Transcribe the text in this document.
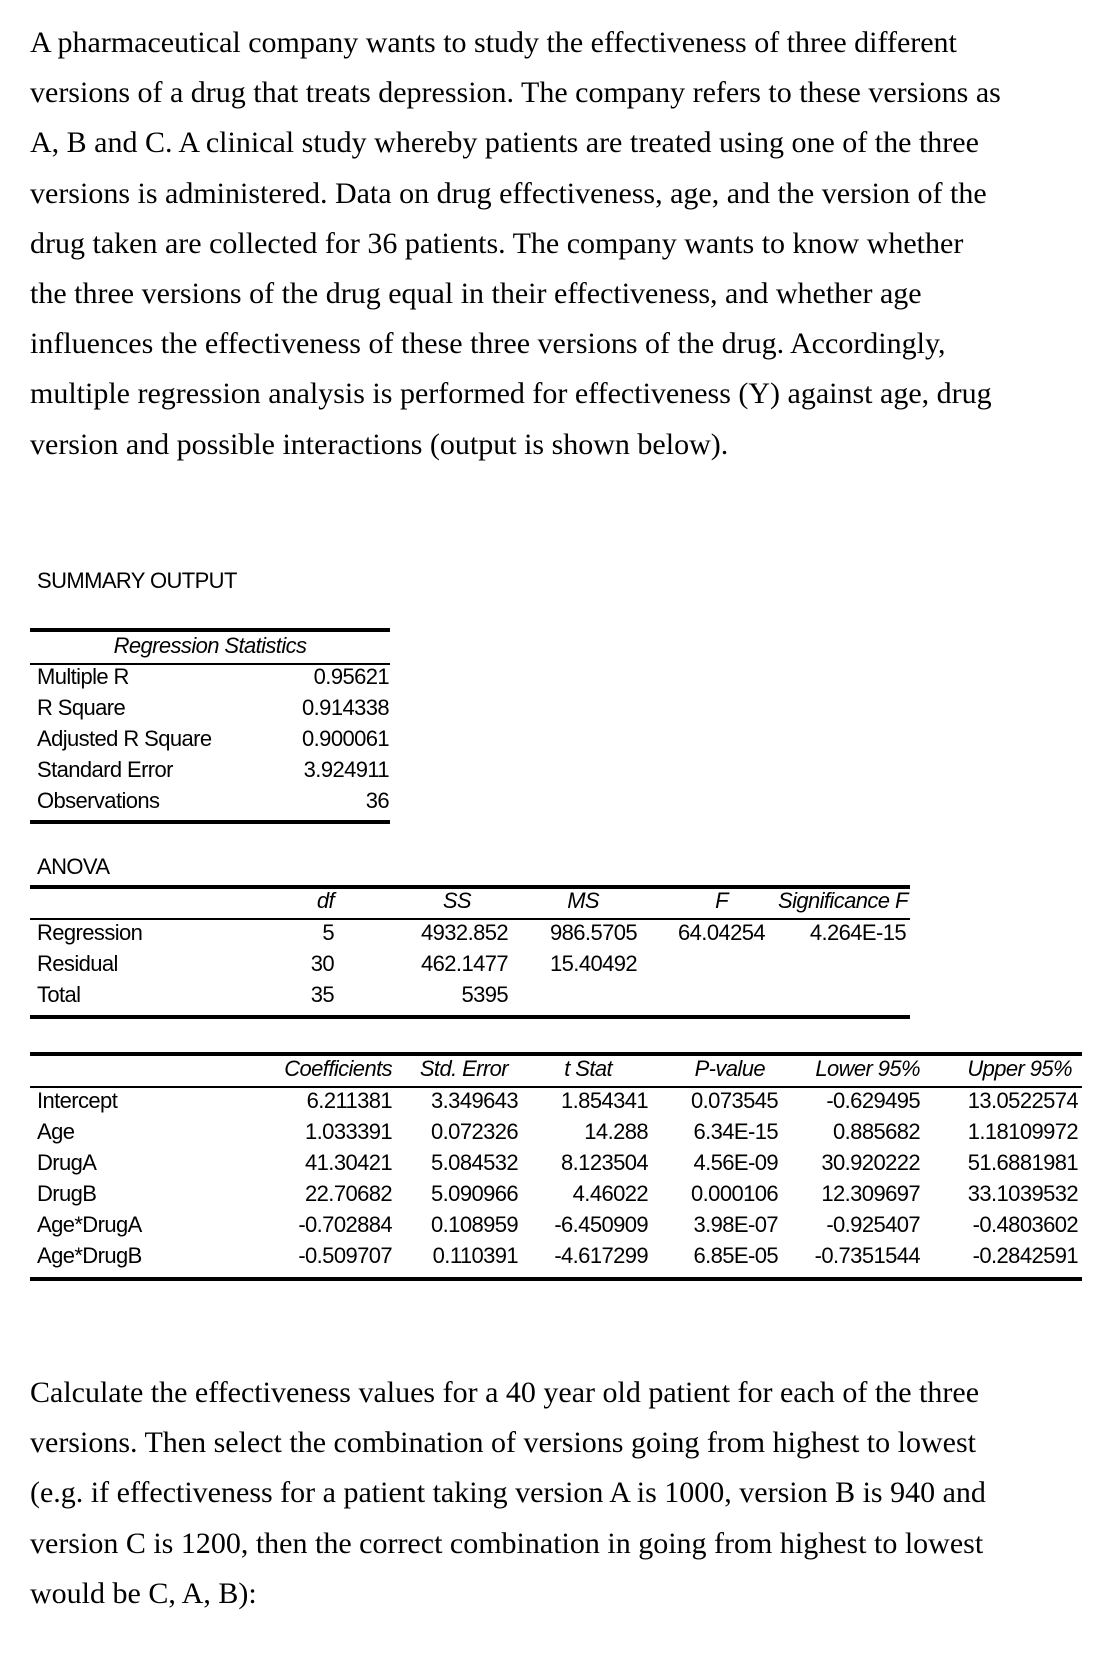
A pharmaceutical company wants to study the effectiveness of three different
versions of a drug that treats depression. The company refers to these versions as
A, B and C. A clinical study whereby patients are treated using one of the three
versions is administered. Data on drug effectiveness, age, and the version of the
drug taken are collected for 36 patients. The company wants to know whether
the three versions of the drug equal in their effectiveness, and whether age
influences the effectiveness of these three versions of the drug. Accordingly,
multiple regression analysis is performed for effectiveness (Y) against age, drug
version and possible interactions (output is shown below).
SUMMARY OUTPUT
Regression Statistics
Multiple R	0.95621
R Square	0.914338
Adjusted R Square	0.900061
Standard Error	3.924911
Observations	36
ANOVA
df	SS	MS	F Significance F
Regression	5	4932.852 986.5705 64.04254 4.264E-15
Residual	30	462.1477 15.40492
Total	35	5395
Coefficients Std. Error	t Stat	P-value Lower 95% Upper 95%
Intercept	6.211381 3.349643 1.854341 0.073545 -0.629495 13.0522574
Age	1.033391 0.072326	14.288 6.34E-15	0.885682 1.18109972
DrugA	41.30421 5.084532 8.123504 4.56E-09 30.920222 51.6881981
DrugB	22.70682 5.090966 4.46022 0.000106 12.309697 33.1039532
Age*DrugA	-0.702884 0.108959 -6.450909 3.98E-07 -0.925407 -0.4803602
Age*DrugB	-0.509707 0.110391 -4.617299 6.85E-05 -0.7351544 -0.2842591
Calculate the effectiveness values for a 40 year old patient for each of the three
versions. Then select the combination of versions going from highest to lowest
(e.g. if effectiveness for a patient taking version A is 1000, version B is 940 and
version C is 1200, then the correct combination in going from highest to lowest
would be C, A, B):
